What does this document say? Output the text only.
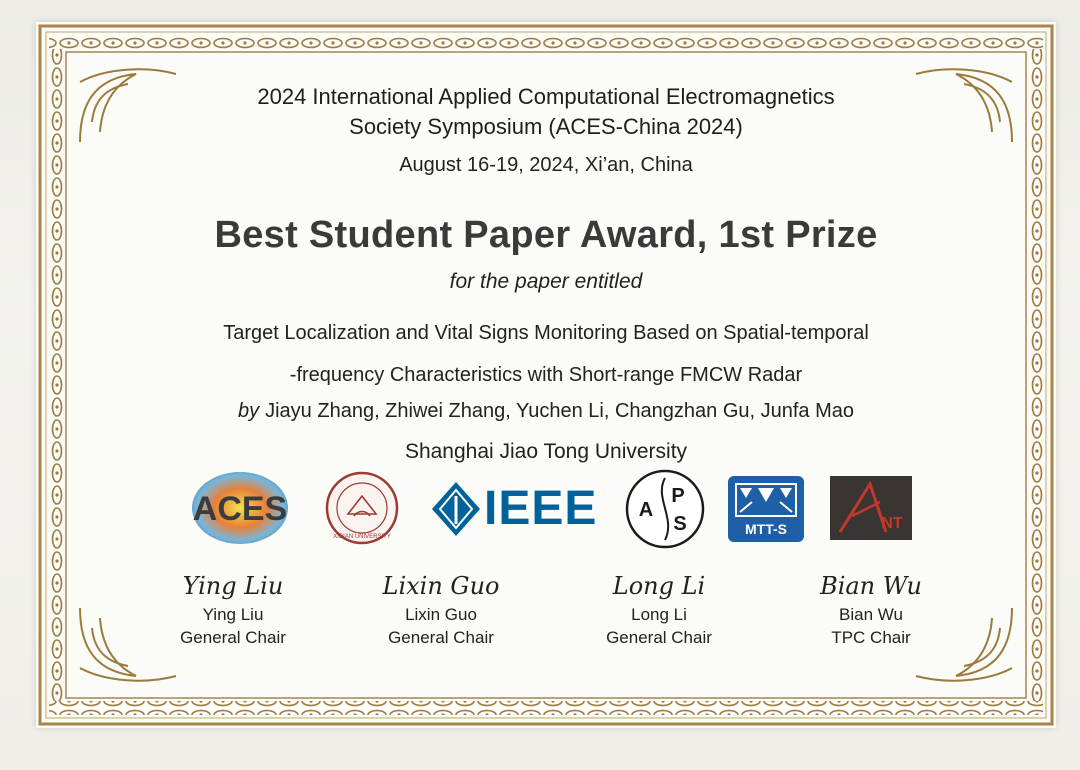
2024 International Applied Computational Electromagnetics
Society Symposium (ACES-China 2024)
August 16-19, 2024, Xi’an, China
Best Student Paper Award, 1st Prize
for the paper entitled
Target Localization and Vital Signs Monitoring Based on Spatial-temporal
-frequency Characteristics with Short-range FMCW Radar
by Jiayu Zhang, Zhiwei Zhang, Yuchen Li, Changzhan Gu, Junfa Mao
Shanghai Jiao Tong University
ACES
XIDIAN UNIVERSITY
IEEE A
P
S	MTT-S	NT
Ying Liu
Ying Liu
General Chair
Lixin Guo
Lixin Guo
General Chair
Long Li
Long Li
General Chair
Bian Wu
Bian Wu
TPC Chair
